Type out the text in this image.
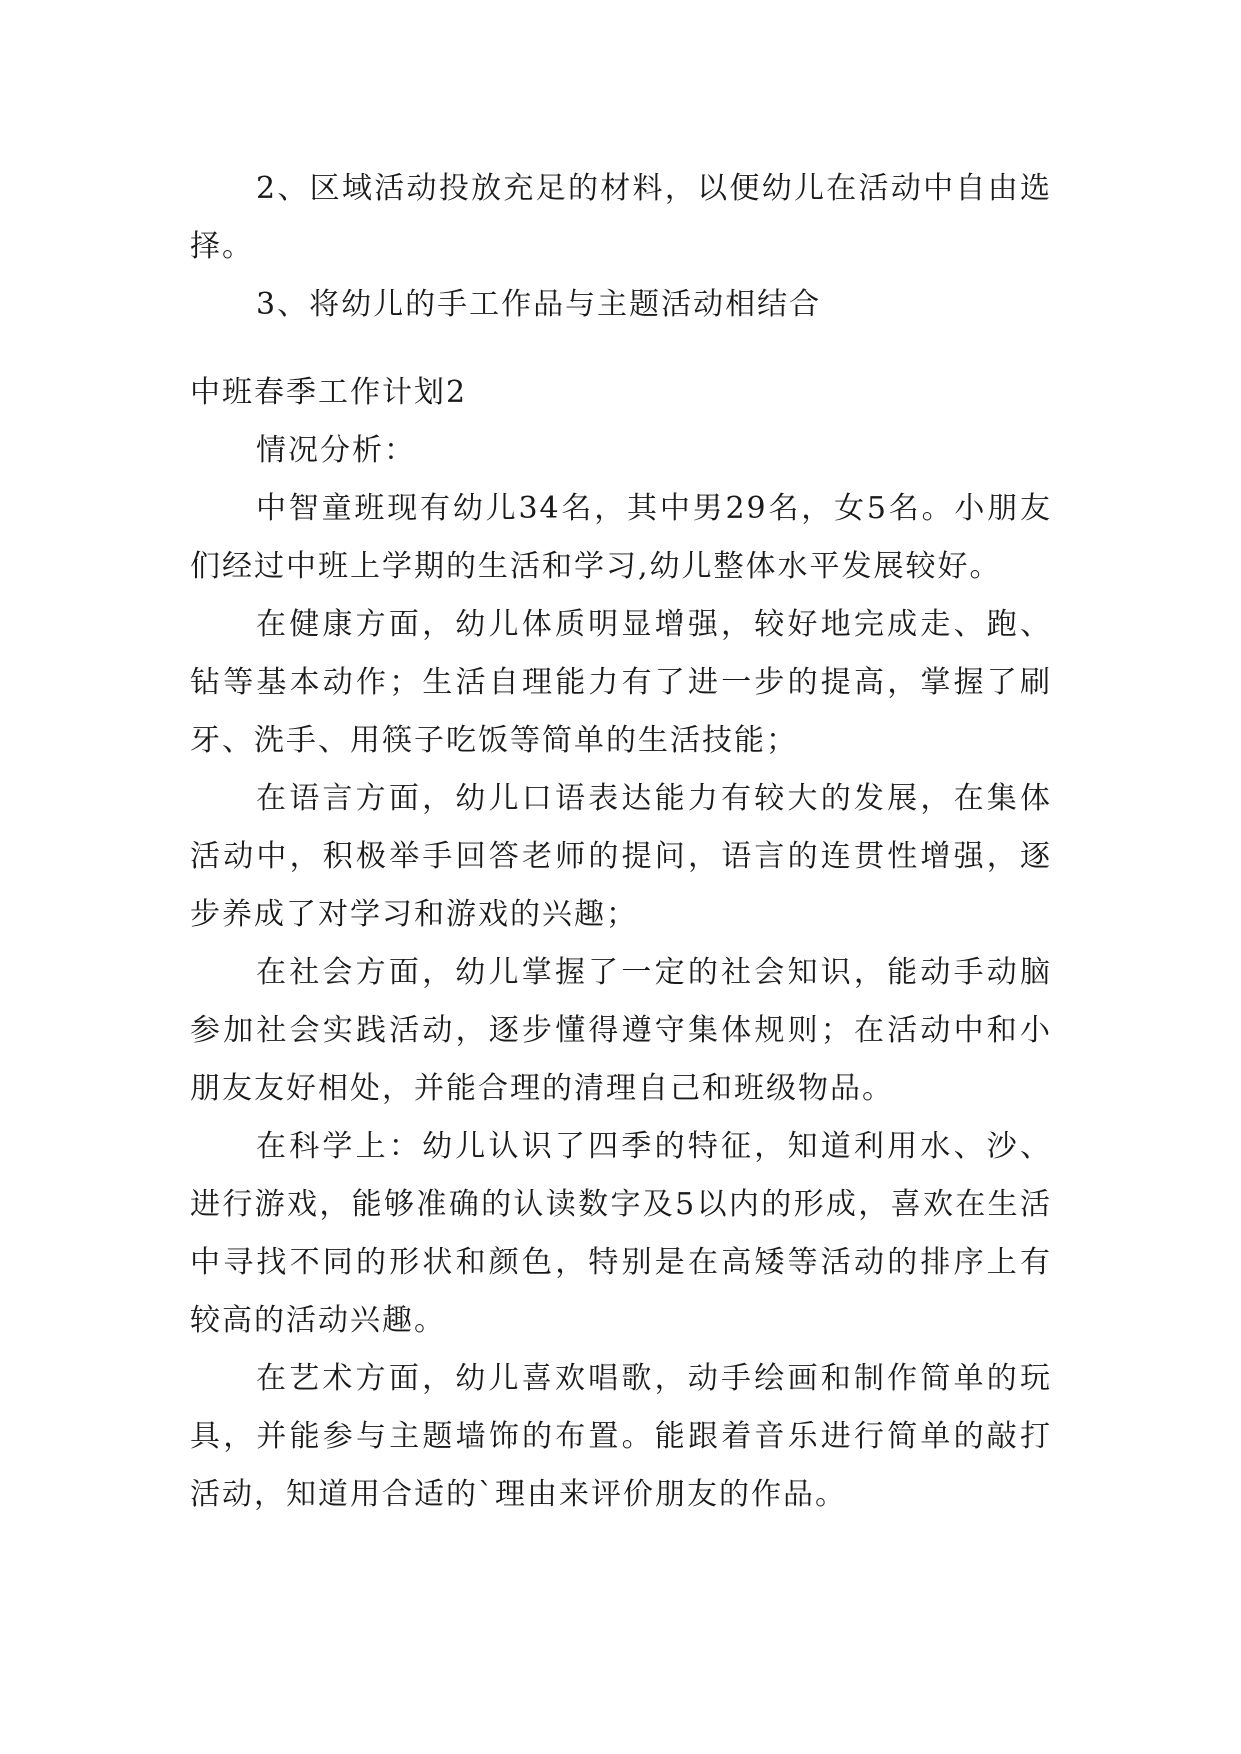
2、区域活动投放充足的材料，以便幼儿在活动中自由选择。

3、将幼儿的手工作品与主题活动相结合

中班春季工作计划2

情况分析：

中智童班现有幼儿34名，其中男29名，女5名。小朋友们经过中班上学期的生活和学习,幼儿整体水平发展较好。

在健康方面，幼儿体质明显增强，较好地完成走、跑、钻等基本动作；生活自理能力有了进一步的提高，掌握了刷牙、洗手、用筷子吃饭等简单的生活技能；

在语言方面，幼儿口语表达能力有较大的发展，在集体活动中，积极举手回答老师的提问，语言的连贯性增强，逐步养成了对学习和游戏的兴趣；

在社会方面，幼儿掌握了一定的社会知识，能动手动脑参加社会实践活动，逐步懂得遵守集体规则；在活动中和小朋友友好相处，并能合理的清理自己和班级物品。

在科学上：幼儿认识了四季的特征，知道利用水、沙、进行游戏，能够准确的认读数字及5以内的形成，喜欢在生活中寻找不同的形状和颜色，特别是在高矮等活动的排序上有较高的活动兴趣。

在艺术方面，幼儿喜欢唱歌，动手绘画和制作简单的玩具，并能参与主题墙饰的布置。能跟着音乐进行简单的敲打活动，知道用合适的`理由来评价朋友的作品。
